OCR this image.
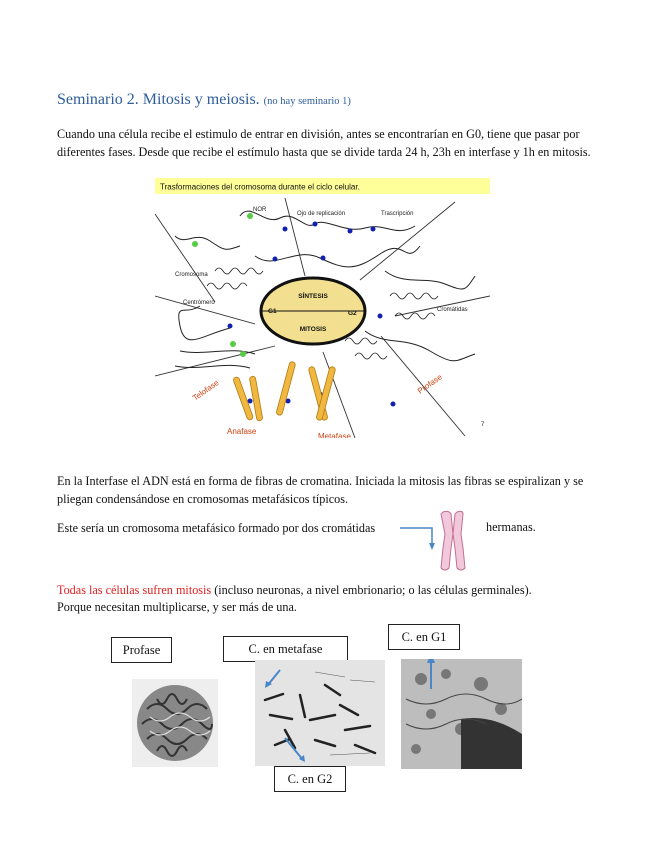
Seminario 2. Mitosis y meiosis. (no hay seminario 1)
Cuando una célula recibe el estimulo de entrar en división, antes se encontrarían en G0, tiene que pasar por diferentes fases. Desde que recibe el estímulo hasta que se divide tarda 24 h, 23h en interfase y 1h en mitosis.
Trasformaciones del cromosoma durante el ciclo celular.
SÍNTESIS
G1	G2
MITOSIS
NOR
Ojo de replicación	Trascripción
Cromosoma
Centrómero
Cromátidas
7
Telofase
Anafase
Metafase
Profase
En la Interfase el ADN está en forma de fibras de cromatina. Iniciada la mitosis las fibras se espiralizan y se pliegan condensándose en cromosomas metafásicos típicos.
Este sería un cromosoma metafásico formado por dos cromátidas	hermanas.
Todas las células sufren mitosis (incluso neuronas, a nivel embrionario; o las células germinales).
Porque necesitan multiplicarse, y ser más de una.
Profase	C. en metafase
C. en G1
C. en G2
